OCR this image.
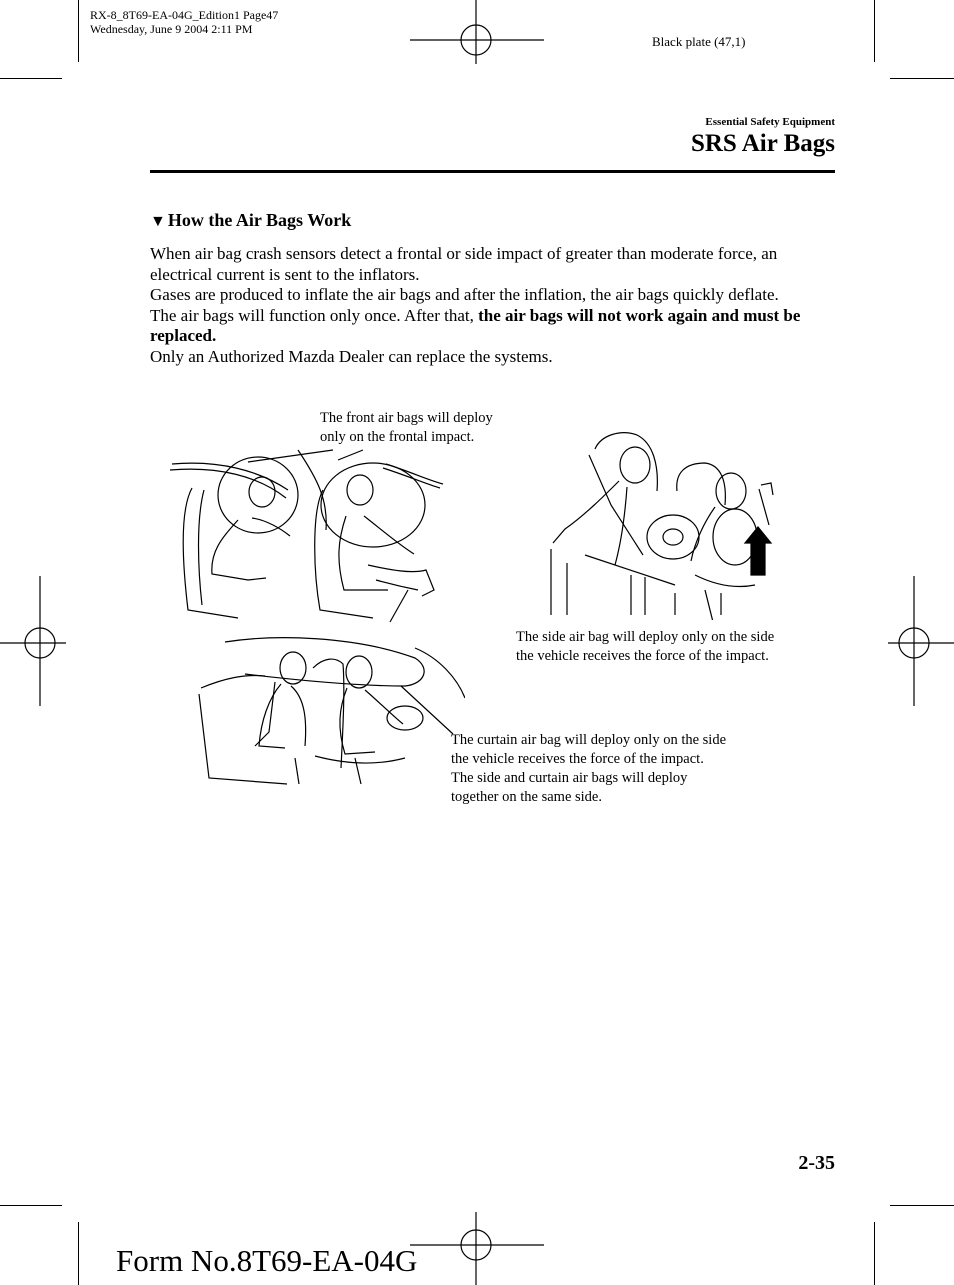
RX-8_8T69-EA-04G_Edition1 Page47
Wednesday, June 9 2004 2:11 PM
Black plate (47,1)
Essential Safety Equipment
SRS Air Bags
▼ How the Air Bags Work

When air bag crash sensors detect a frontal or side impact of greater than moderate force, an electrical current is sent to the inflators.

Gases are produced to inflate the air bags and after the inflation, the air bags quickly deflate.

The air bags will function only once. After that, the air bags will not work again and must be replaced.

Only an Authorized Mazda Dealer can replace the systems.

The front air bags will deploy
only on the frontal impact.
The side air bag will deploy only on the side
the vehicle receives the force of the impact.
The curtain air bag will deploy only on the side
the vehicle receives the force of the impact.
The side and curtain air bags will deploy
together on the same side.
2-35
Form No.8T69-EA-04G
